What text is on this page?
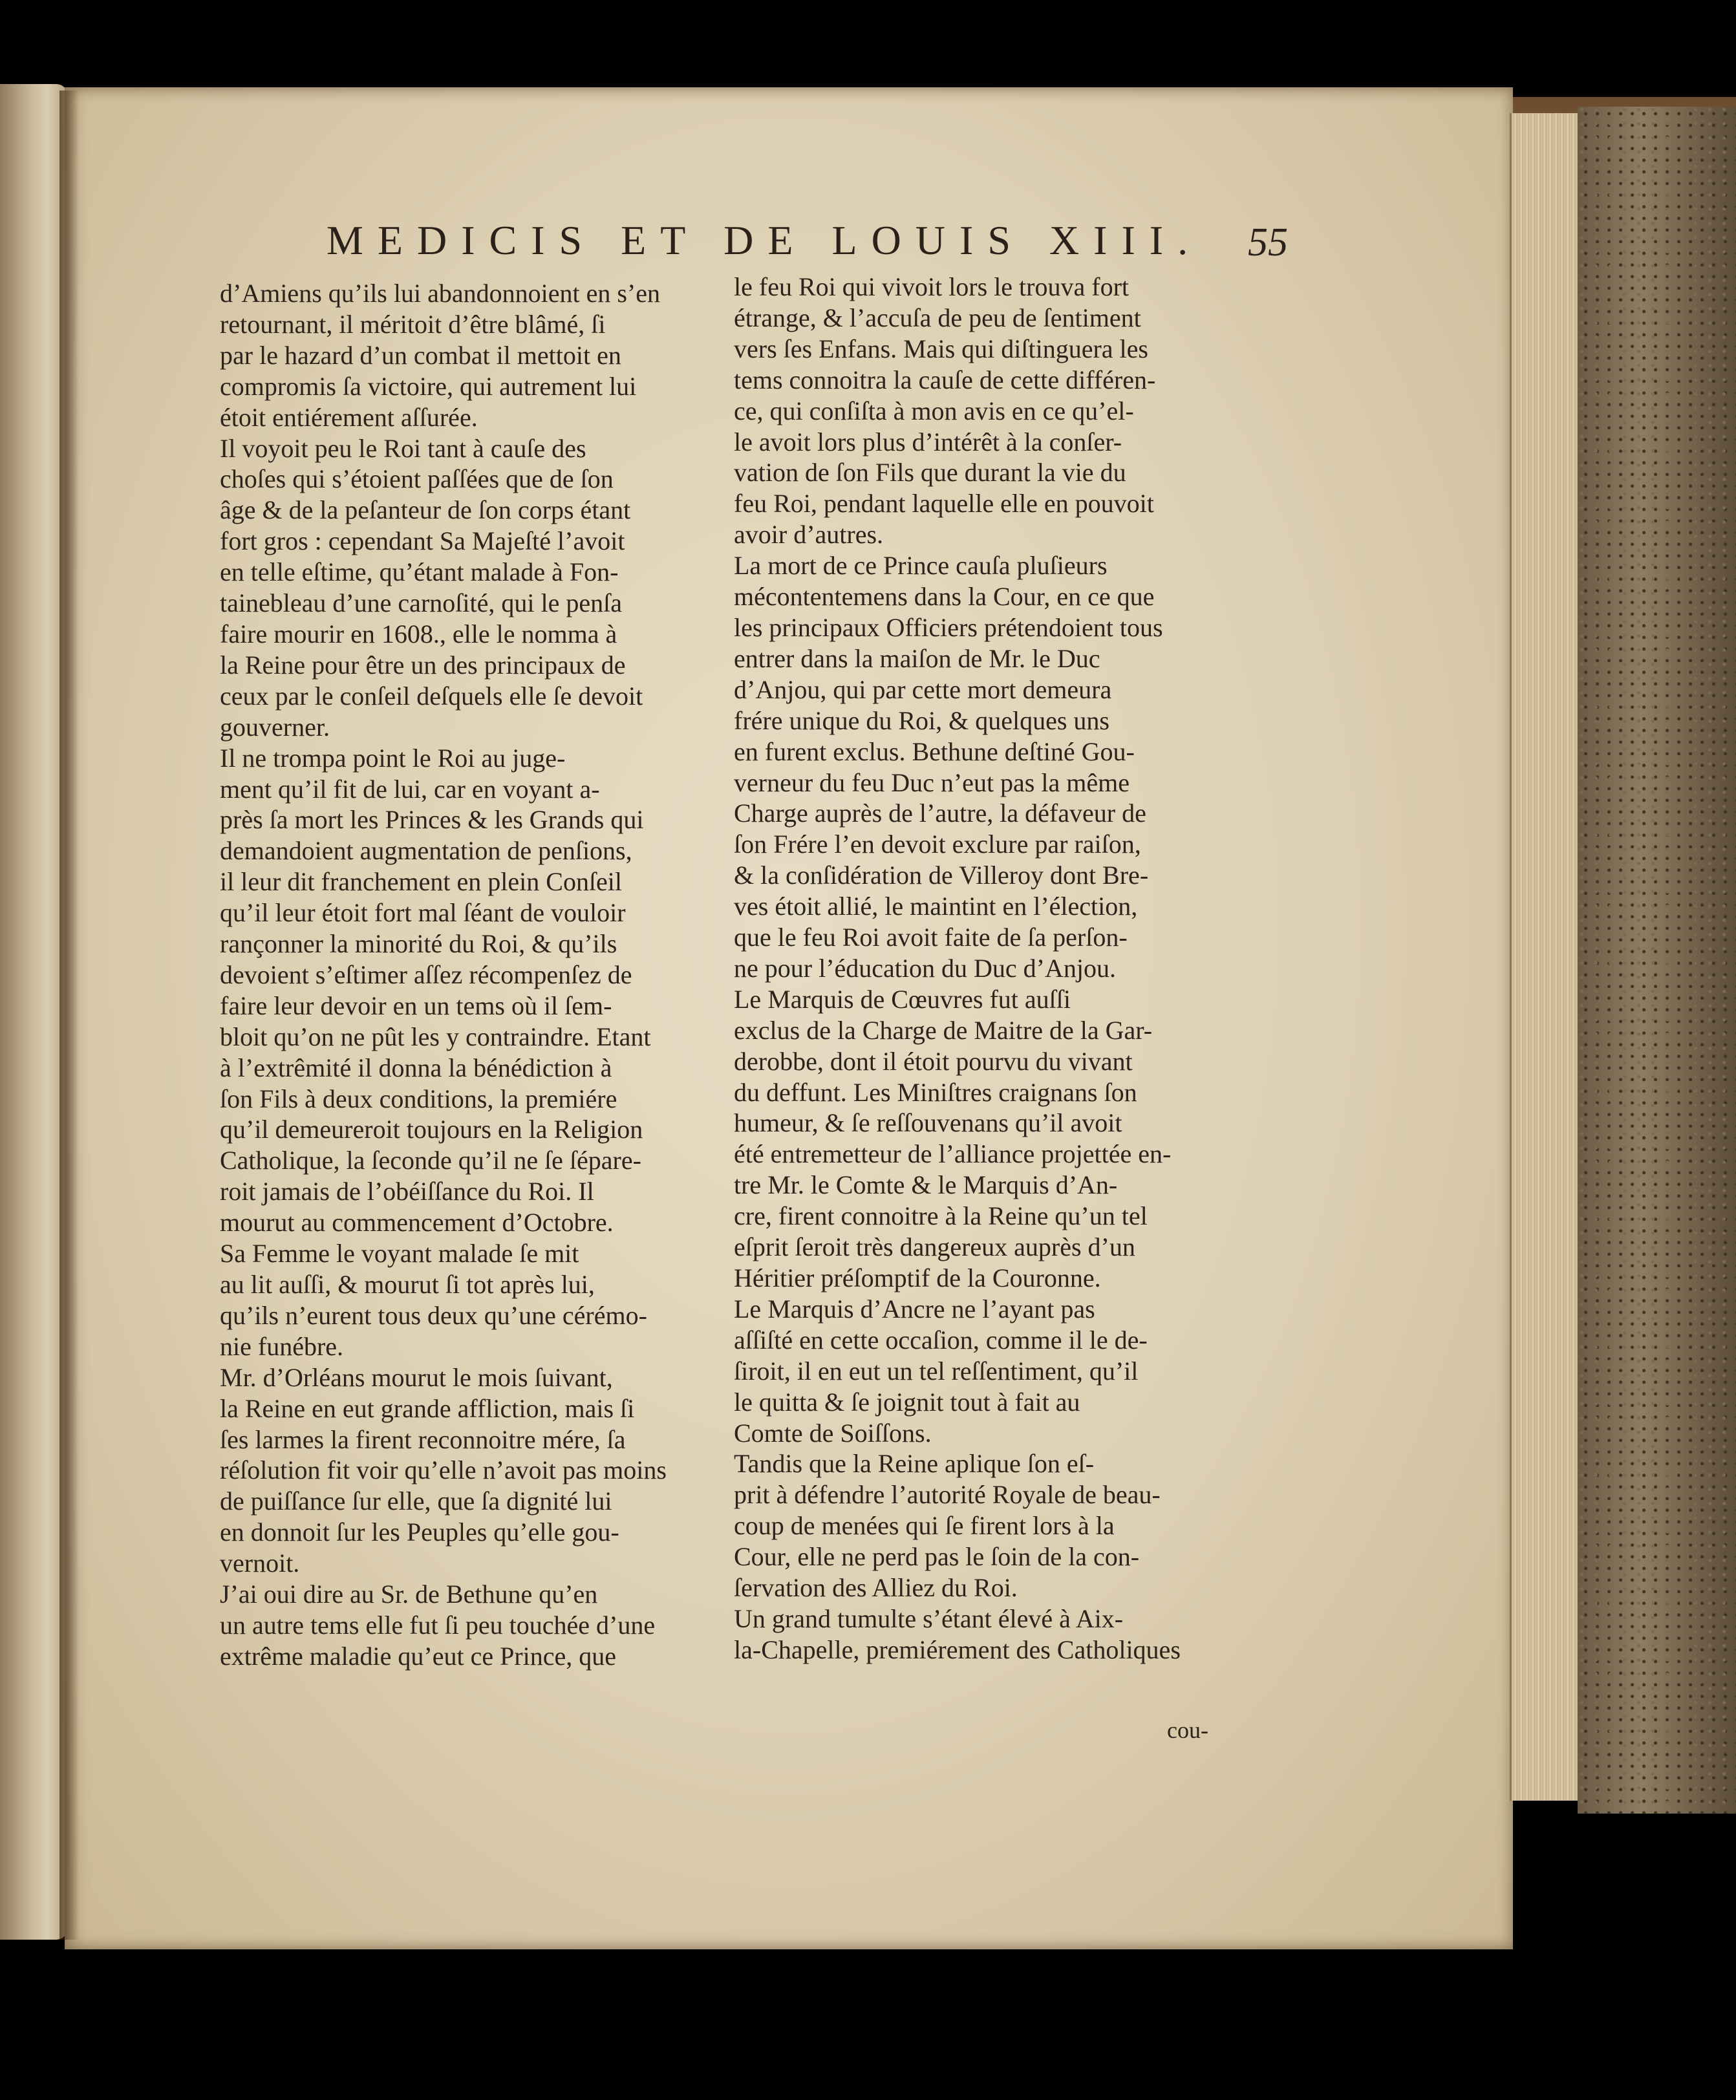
MEDICIS ET DE LOUIS XIII. 55
d’Amiens qu’ils lui abandonnoient en s’en
retournant, il méritoit d’être blâmé, ſi
par le hazard d’un combat il mettoit en
compromis ſa victoire, qui autrement lui
étoit entiérement aſſurée.
Il voyoit peu le Roi tant à cauſe des
choſes qui s’étoient paſſées que de ſon
âge & de la peſanteur de ſon corps étant
fort gros : cependant Sa Majeſté l’avoit
en telle eſtime, qu’étant malade à Fon-
tainebleau d’une carnoſité, qui le penſa
faire mourir en 1608., elle le nomma à
la Reine pour être un des principaux de
ceux par le conſeil deſquels elle ſe devoit
gouverner.
Il ne trompa point le Roi au juge-
ment qu’il fit de lui, car en voyant a-
près ſa mort les Princes & les Grands qui
demandoient augmentation de penſions,
il leur dit franchement en plein Conſeil
qu’il leur étoit fort mal ſéant de vouloir
rançonner la minorité du Roi, & qu’ils
devoient s’eſtimer aſſez récompenſez de
faire leur devoir en un tems où il ſem-
bloit qu’on ne pût les y contraindre. Etant
à l’extrêmité il donna la bénédiction à
ſon Fils à deux conditions, la premiére
qu’il demeureroit toujours en la Religion
Catholique, la ſeconde qu’il ne ſe ſépare-
roit jamais de l’obéiſſance du Roi. Il
mourut au commencement d’Octobre.
Sa Femme le voyant malade ſe mit
au lit auſſi, & mourut ſi tot après lui,
qu’ils n’eurent tous deux qu’une cérémo-
nie funébre.
Mr. d’Orléans mourut le mois ſuivant,
la Reine en eut grande affliction, mais ſi
ſes larmes la firent reconnoitre mére, ſa
réſolution fit voir qu’elle n’avoit pas moins
de puiſſance ſur elle, que ſa dignité lui
en donnoit ſur les Peuples qu’elle gou-
vernoit.
J’ai oui dire au Sr. de Bethune qu’en
un autre tems elle fut ſi peu touchée d’une
extrême maladie qu’eut ce Prince, que
le feu Roi qui vivoit lors le trouva fort
étrange, & l’accuſa de peu de ſentiment
vers ſes Enfans. Mais qui diſtinguera les
tems connoitra la cauſe de cette différen-
ce, qui conſiſta à mon avis en ce qu’el-
le avoit lors plus d’intérêt à la conſer-
vation de ſon Fils que durant la vie du
feu Roi, pendant laquelle elle en pouvoit
avoir d’autres.
La mort de ce Prince cauſa pluſieurs
mécontentemens dans la Cour, en ce que
les principaux Officiers prétendoient tous
entrer dans la maiſon de Mr. le Duc
d’Anjou, qui par cette mort demeura
frére unique du Roi, & quelques uns
en furent exclus. Bethune deſtiné Gou-
verneur du feu Duc n’eut pas la même
Charge auprès de l’autre, la défaveur de
ſon Frére l’en devoit exclure par raiſon,
& la conſidération de Villeroy dont Bre-
ves étoit allié, le maintint en l’élection,
que le feu Roi avoit faite de ſa perſon-
ne pour l’éducation du Duc d’Anjou.
Le Marquis de Cœuvres fut auſſi
exclus de la Charge de Maitre de la Gar-
derobbe, dont il étoit pourvu du vivant
du deffunt. Les Miniſtres craignans ſon
humeur, & ſe reſſouvenans qu’il avoit
été entremetteur de l’alliance projettée en-
tre Mr. le Comte & le Marquis d’An-
cre, firent connoitre à la Reine qu’un tel
eſprit ſeroit très dangereux auprès d’un
Héritier préſomptif de la Couronne.
Le Marquis d’Ancre ne l’ayant pas
aſſiſté en cette occaſion, comme il le de-
ſiroit, il en eut un tel reſſentiment, qu’il
le quitta & ſe joignit tout à fait au
Comte de Soiſſons.
Tandis que la Reine aplique ſon eſ-
prit à défendre l’autorité Royale de beau-
coup de menées qui ſe firent lors à la
Cour, elle ne perd pas le ſoin de la con-
ſervation des Alliez du Roi.
Un grand tumulte s’étant élevé à Aix-
la-Chapelle, premiérement des Catholiques
cou-
